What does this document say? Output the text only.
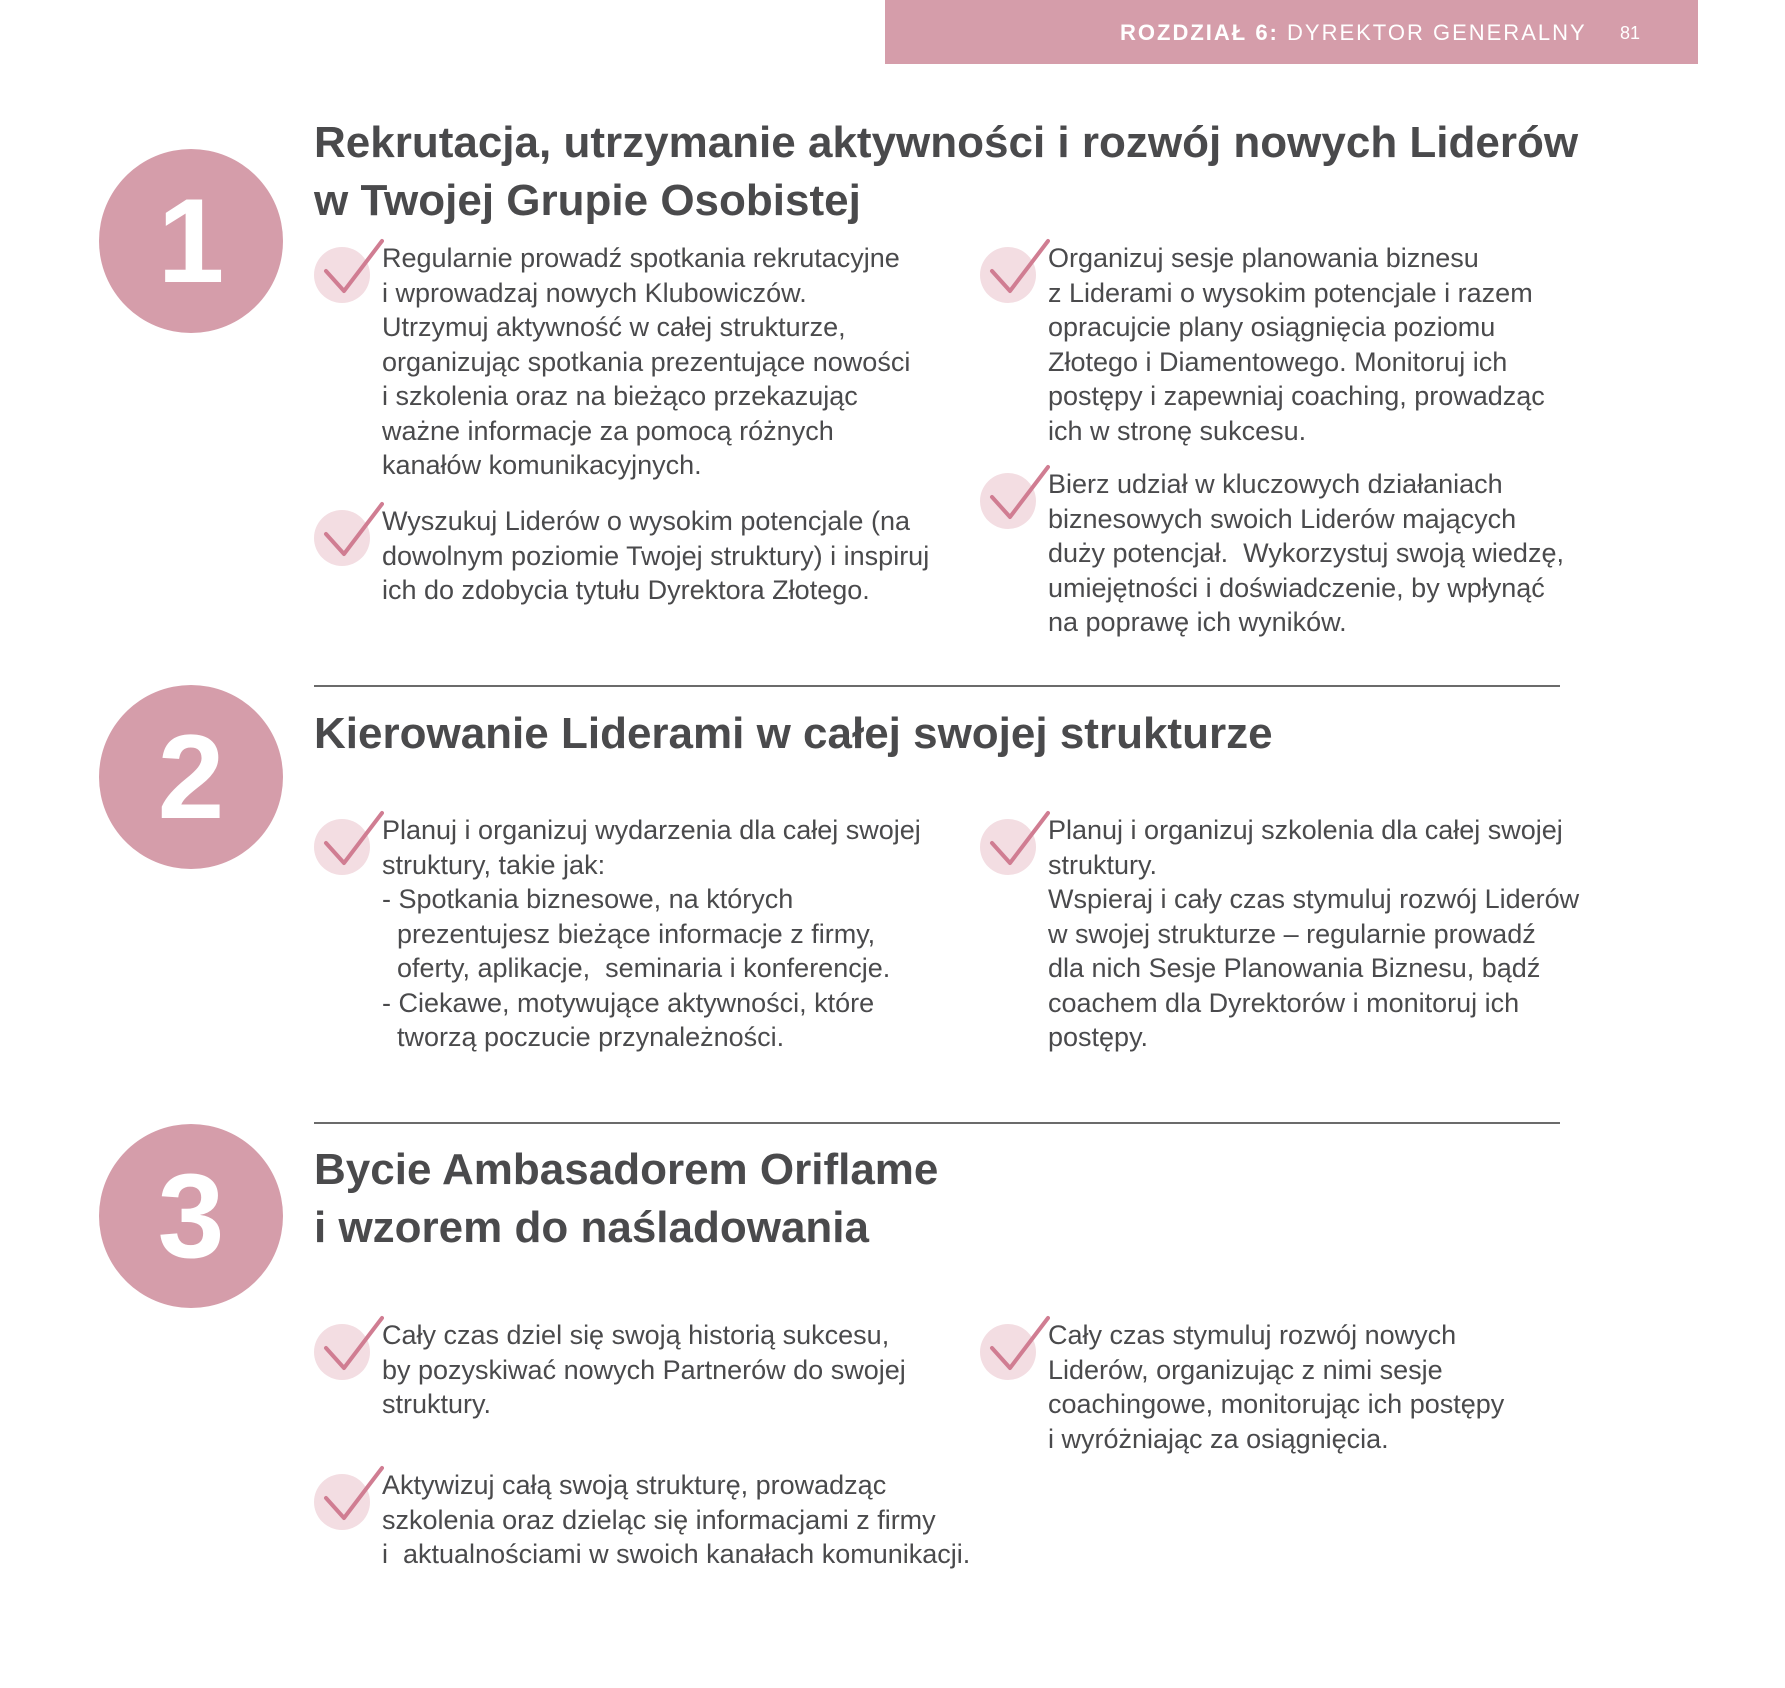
ROZDZIAŁ 6: DYREKTOR GENERALNY 81
1
Rekrutacja, utrzymanie aktywności i rozwój nowych Liderów
w Twojej Grupie Osobistej
Regularnie prowadź spotkania rekrutacyjne
i wprowadzaj nowych Klubowiczów.
Utrzymuj aktywność w całej strukturze,
organizując spotkania prezentujące nowości
i szkolenia oraz na bieżąco przekazując
ważne informacje za pomocą różnych
kanałów komunikacyjnych.
Wyszukuj Liderów o wysokim potencjale (na
dowolnym poziomie Twojej struktury) i inspiruj
ich do zdobycia tytułu Dyrektora Złotego.
Organizuj sesje planowania biznesu
z Liderami o wysokim potencjale i razem
opracujcie plany osiągnięcia poziomu
Złotego i Diamentowego. Monitoruj ich
postępy i zapewniaj coaching, prowadząc
ich w stronę sukcesu.
Bierz udział w kluczowych działaniach
biznesowych swoich Liderów mających
duży potencjał.  Wykorzystuj swoją wiedzę,
umiejętności i doświadczenie, by wpłynąć
na poprawę ich wyników.
2	Kierowanie Liderami w całej swojej strukturze
Planuj i organizuj wydarzenia dla całej swojej
struktury, takie jak:
- Spotkania biznesowe, na których
prezentujesz bieżące informacje z firmy,
oferty, aplikacje,  seminaria i konferencje.
- Ciekawe, motywujące aktywności, które
tworzą poczucie przynależności.
Planuj i organizuj szkolenia dla całej swojej
struktury.
Wspieraj i cały czas stymuluj rozwój Liderów
w swojej strukturze – regularnie prowadź
dla nich Sesje Planowania Biznesu, bądź
coachem dla Dyrektorów i monitoruj ich
postępy.
3	Bycie Ambasadorem Oriflame
i wzorem do naśladowania
Cały czas dziel się swoją historią sukcesu,
by pozyskiwać nowych Partnerów do swojej
struktury.
Aktywizuj całą swoją strukturę, prowadząc
szkolenia oraz dzieląc się informacjami z firmy
i  aktualnościami w swoich kanałach komunikacji.
Cały czas stymuluj rozwój nowych
Liderów, organizując z nimi sesje
coachingowe, monitorując ich postępy
i wyróżniając za osiągnięcia.
